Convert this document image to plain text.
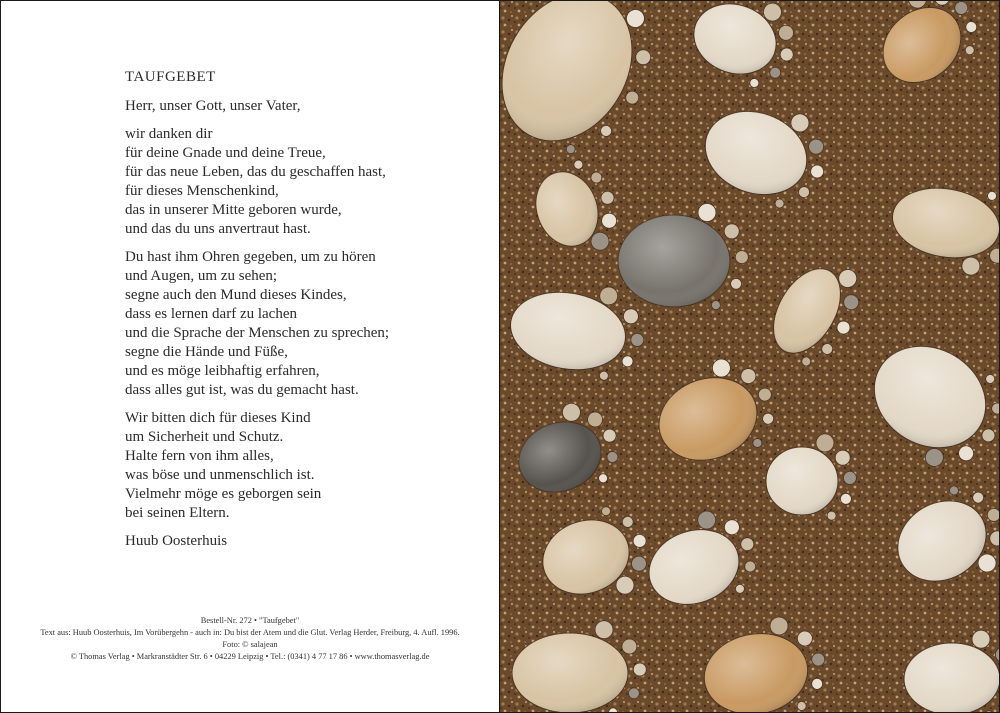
TAUFGEBET
Herr, unser Gott, unser Vater,
wir danken dir
für deine Gnade und deine Treue,
für das neue Leben, das du geschaffen hast,
für dieses Menschenkind,
das in unserer Mitte geboren wurde,
und das du uns anvertraut hast.
Du hast ihm Ohren gegeben, um zu hören
und Augen, um zu sehen;
segne auch den Mund dieses Kindes,
dass es lernen darf zu lachen
und die Sprache der Menschen zu sprechen;
segne die Hände und Füße,
und es möge leibhaftig erfahren,
dass alles gut ist, was du gemacht hast.
Wir bitten dich für dieses Kind
um Sicherheit und Schutz.
Halte fern von ihm alles,
was böse und unmenschlich ist.
Vielmehr möge es geborgen sein
bei seinen Eltern.
Huub Oosterhuis
Bestell-Nr. 272 • "Taufgebet"
Text aus: Huub Oosterhuis, Im Vorübergehn - auch in: Du bist der Atem und die Glut. Verlag Herder, Freiburg, 4. Aufl. 1996.
Foto: © salajean
© Thomas Verlag • Markranstädter Str. 6 • 04229 Leipzig • Tel.: (0341) 4 77 17 86 • www.thomasverlag.de
